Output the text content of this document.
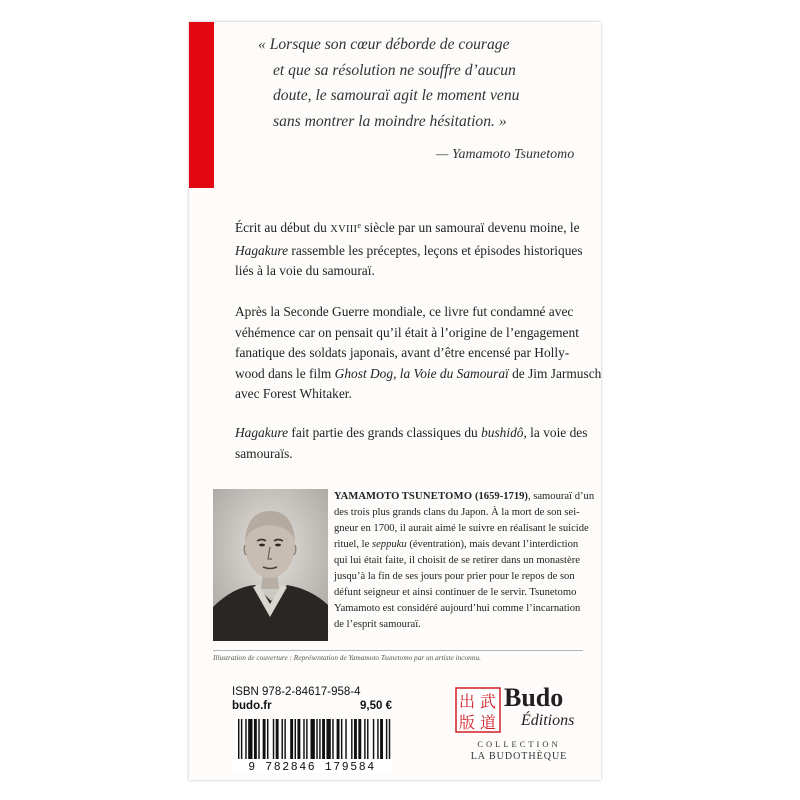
« Lorsque son cœur déborde de courage
et que sa résolution ne souffre d’aucun
doute, le samouraï agit le moment venu
sans montrer la moindre hésitation. »
— Yamamoto Tsunetomo
Écrit au début du XVIIIe siècle par un samouraï devenu moine, le
Hagakure rassemble les préceptes, leçons et épisodes historiques
liés à la voie du samouraï.
Après la Seconde Guerre mondiale, ce livre fut condamné avec
véhémence car on pensait qu’il était à l’origine de l’engagement
fanatique des soldats japonais, avant d’être encensé par Holly-
wood dans le film Ghost Dog, la Voie du Samouraï de Jim Jarmusch
avec Forest Whitaker.
Hagakure fait partie des grands classiques du bushidô, la voie des
samouraïs.
YAMAMOTO TSUNETOMO (1659-1719), samouraï d’un
des trois plus grands clans du Japon. À la mort de son sei-
gneur en 1700, il aurait aimé le suivre en réalisant le suicide
rituel, le seppuku (éventration), mais devant l’interdiction
qui lui était faite, il choisit de se retirer dans un monastère
jusqu’à la fin de ses jours pour prier pour le repos de son
défunt seigneur et ainsi continuer de le servir. Tsunetomo
Yamamoto est considéré aujourd’hui comme l’incarnation
de l’esprit samouraï.
Illustration de couverture : Représentation de Yamamoto Tsunetomo par un artiste inconnu.
ISBN 978-2-84617-958-4
budo.fr	9,50 €
9 782846 179584
出 武
版 道
Budo
Éditions
COLLECTION
LA BUDOTHÈQUE
